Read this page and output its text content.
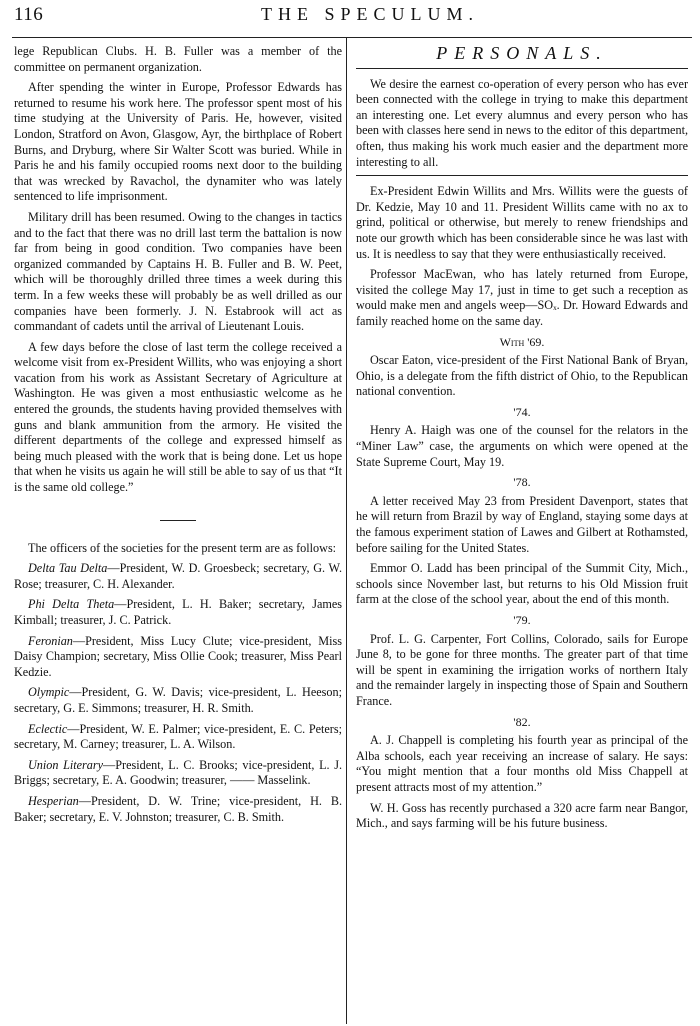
116	THE SPECULUM.

lege Republican Clubs. H. B. Fuller was a member of the committee on permanent organization.

After spending the winter in Europe, Professor Edwards has returned to resume his work here. The professor spent most of his time studying at the University of Paris. He, however, visited London, Stratford on Avon, Glasgow, Ayr, the birthplace of Robert Burns, and Dryburg, where Sir Walter Scott was buried. While in Paris he and his family occupied rooms next door to the building that was wrecked by Ravachol, the dynamiter who was lately sentenced to life imprisonment.

Military drill has been resumed. Owing to the changes in tactics and to the fact that there was no drill last term the battalion is now far from being in good condition. Two companies have been organized commanded by Captains H. B. Fuller and B. W. Peet, which will be thoroughly drilled three times a week during this term. In a few weeks these will probably be as well drilled as our companies have been formerly. J. N. Estabrook will act as commandant of cadets until the arrival of Lieutenant Louis.

A few days before the close of last term the college received a welcome visit from ex-President Willits, who was enjoying a short vacation from his work as Assistant Secretary of Agriculture at Washington. He was given a most enthusiastic welcome as he entered the grounds, the students having provided themselves with guns and blank ammunition from the armory. He visited the different departments of the college and expressed himself as being much pleased with the work that is being done. Let us hope that when he visits us again he will still be able to say of us that “It is the same old college.”

The officers of the societies for the present term are as follows:

Delta Tau Delta—President, W. D. Groesbeck; secretary, G. W. Rose; treasurer, C. H. Alexander.

Phi Delta Theta—President, L. H. Baker; secretary, James Kimball; treasurer, J. C. Patrick.

Feronian—President, Miss Lucy Clute; vice-president, Miss Daisy Champion; secretary, Miss Ollie Cook; treasurer, Miss Pearl Kedzie.

Olympic—President, G. W. Davis; vice-president, L. Heeson; secretary, G. E. Simmons; treasurer, H. R. Smith.

Eclectic—President, W. E. Palmer; vice-president, E. C. Peters; secretary, M. Carney; treasurer, L. A. Wilson.

Union Literary—President, L. C. Brooks; vice-president, L. J. Briggs; secretary, E. A. Goodwin; treasurer, —— Masselink.

Hesperian—President, D. W. Trine; vice-president, H. B. Baker; secretary, E. V. Johnston; treasurer, C. B. Smith.

PERSONALS.

We desire the earnest co-operation of every person who has ever been connected with the college in trying to make this department an interesting one. Let every alumnus and every person who has been with classes here send in news to the editor of this department, often, thus making his work much easier and the department more interesting to all.

Ex-President Edwin Willits and Mrs. Willits were the guests of Dr. Kedzie, May 10 and 11. President Willits came with no ax to grind, political or otherwise, but merely to renew friendships and note our growth which has been considerable since he was last with us. It is needless to say that they were enthusiastically received.

Professor MacEwan, who has lately returned from Europe, visited the college May 17, just in time to get such a reception as would make men and angels weep—SOₓ. Dr. Howard Edwards and family reached home on the same day.

With '69.

Oscar Eaton, vice-president of the First National Bank of Bryan, Ohio, is a delegate from the fifth district of Ohio, to the Republican national convention.

'74.

Henry A. Haigh was one of the counsel for the relators in the “Miner Law” case, the arguments on which were opened at the State Supreme Court, May 19.

'78.

A letter received May 23 from President Davenport, states that he will return from Brazil by way of England, staying some days at the famous experiment station of Lawes and Gilbert at Rothamsted, before sailing for the United States.

Emmor O. Ladd has been principal of the Summit City, Mich., schools since November last, but returns to his Old Mission fruit farm at the close of the school year, about the end of this month.

'79.

Prof. L. G. Carpenter, Fort Collins, Colorado, sails for Europe June 8, to be gone for three months. The greater part of that time will be spent in examining the irrigation works of northern Italy and the remainder largely in inspecting those of Spain and Southern France.

'82.

A. J. Chappell is completing his fourth year as principal of the Alba schools, each year receiving an increase of salary. He says: “You might mention that a four months old Miss Chappell at present attracts most of my attention.”

W. H. Goss has recently purchased a 320 acre farm near Bangor, Mich., and says farming will be his future business.
